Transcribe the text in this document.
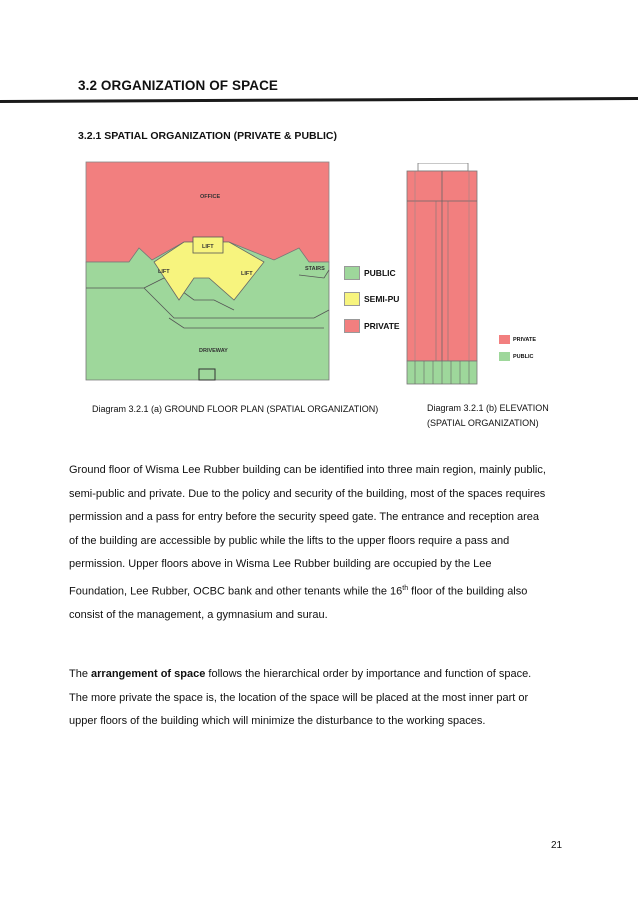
3.2 ORGANIZATION OF SPACE
3.2.1 SPATIAL ORGANIZATION (PRIVATE & PUBLIC)
OFFICE
LIFT
LIFT	LIFT
STAIRS
DRIVEWAY
PUBLIC
SEMI-PU
PRIVATE
PRIVATE
PUBLIC
Diagram 3.2.1 (a) GROUND FLOOR PLAN (SPATIAL ORGANIZATION)	Diagram 3.2.1 (b) ELEVATION
(SPATIAL ORGANIZATION)
Ground floor of Wisma Lee Rubber building can be identified into three main region, mainly public, semi-public and private. Due to the policy and security of the building, most of the spaces requires permission and a pass for entry before the security speed gate. The entrance and reception area of the building are accessible by public while the lifts to the upper floors require a pass and permission. Upper floors above in Wisma Lee Rubber building are occupied by the Lee Foundation, Lee Rubber, OCBC bank and other tenants while the 16th floor of the building also consist of the management, a gymnasium and surau.
The arrangement of space follows the hierarchical order by importance and function of space. The more private the space is, the location of the space will be placed at the most inner part or upper floors of the building which will minimize the disturbance to the working spaces.
21
